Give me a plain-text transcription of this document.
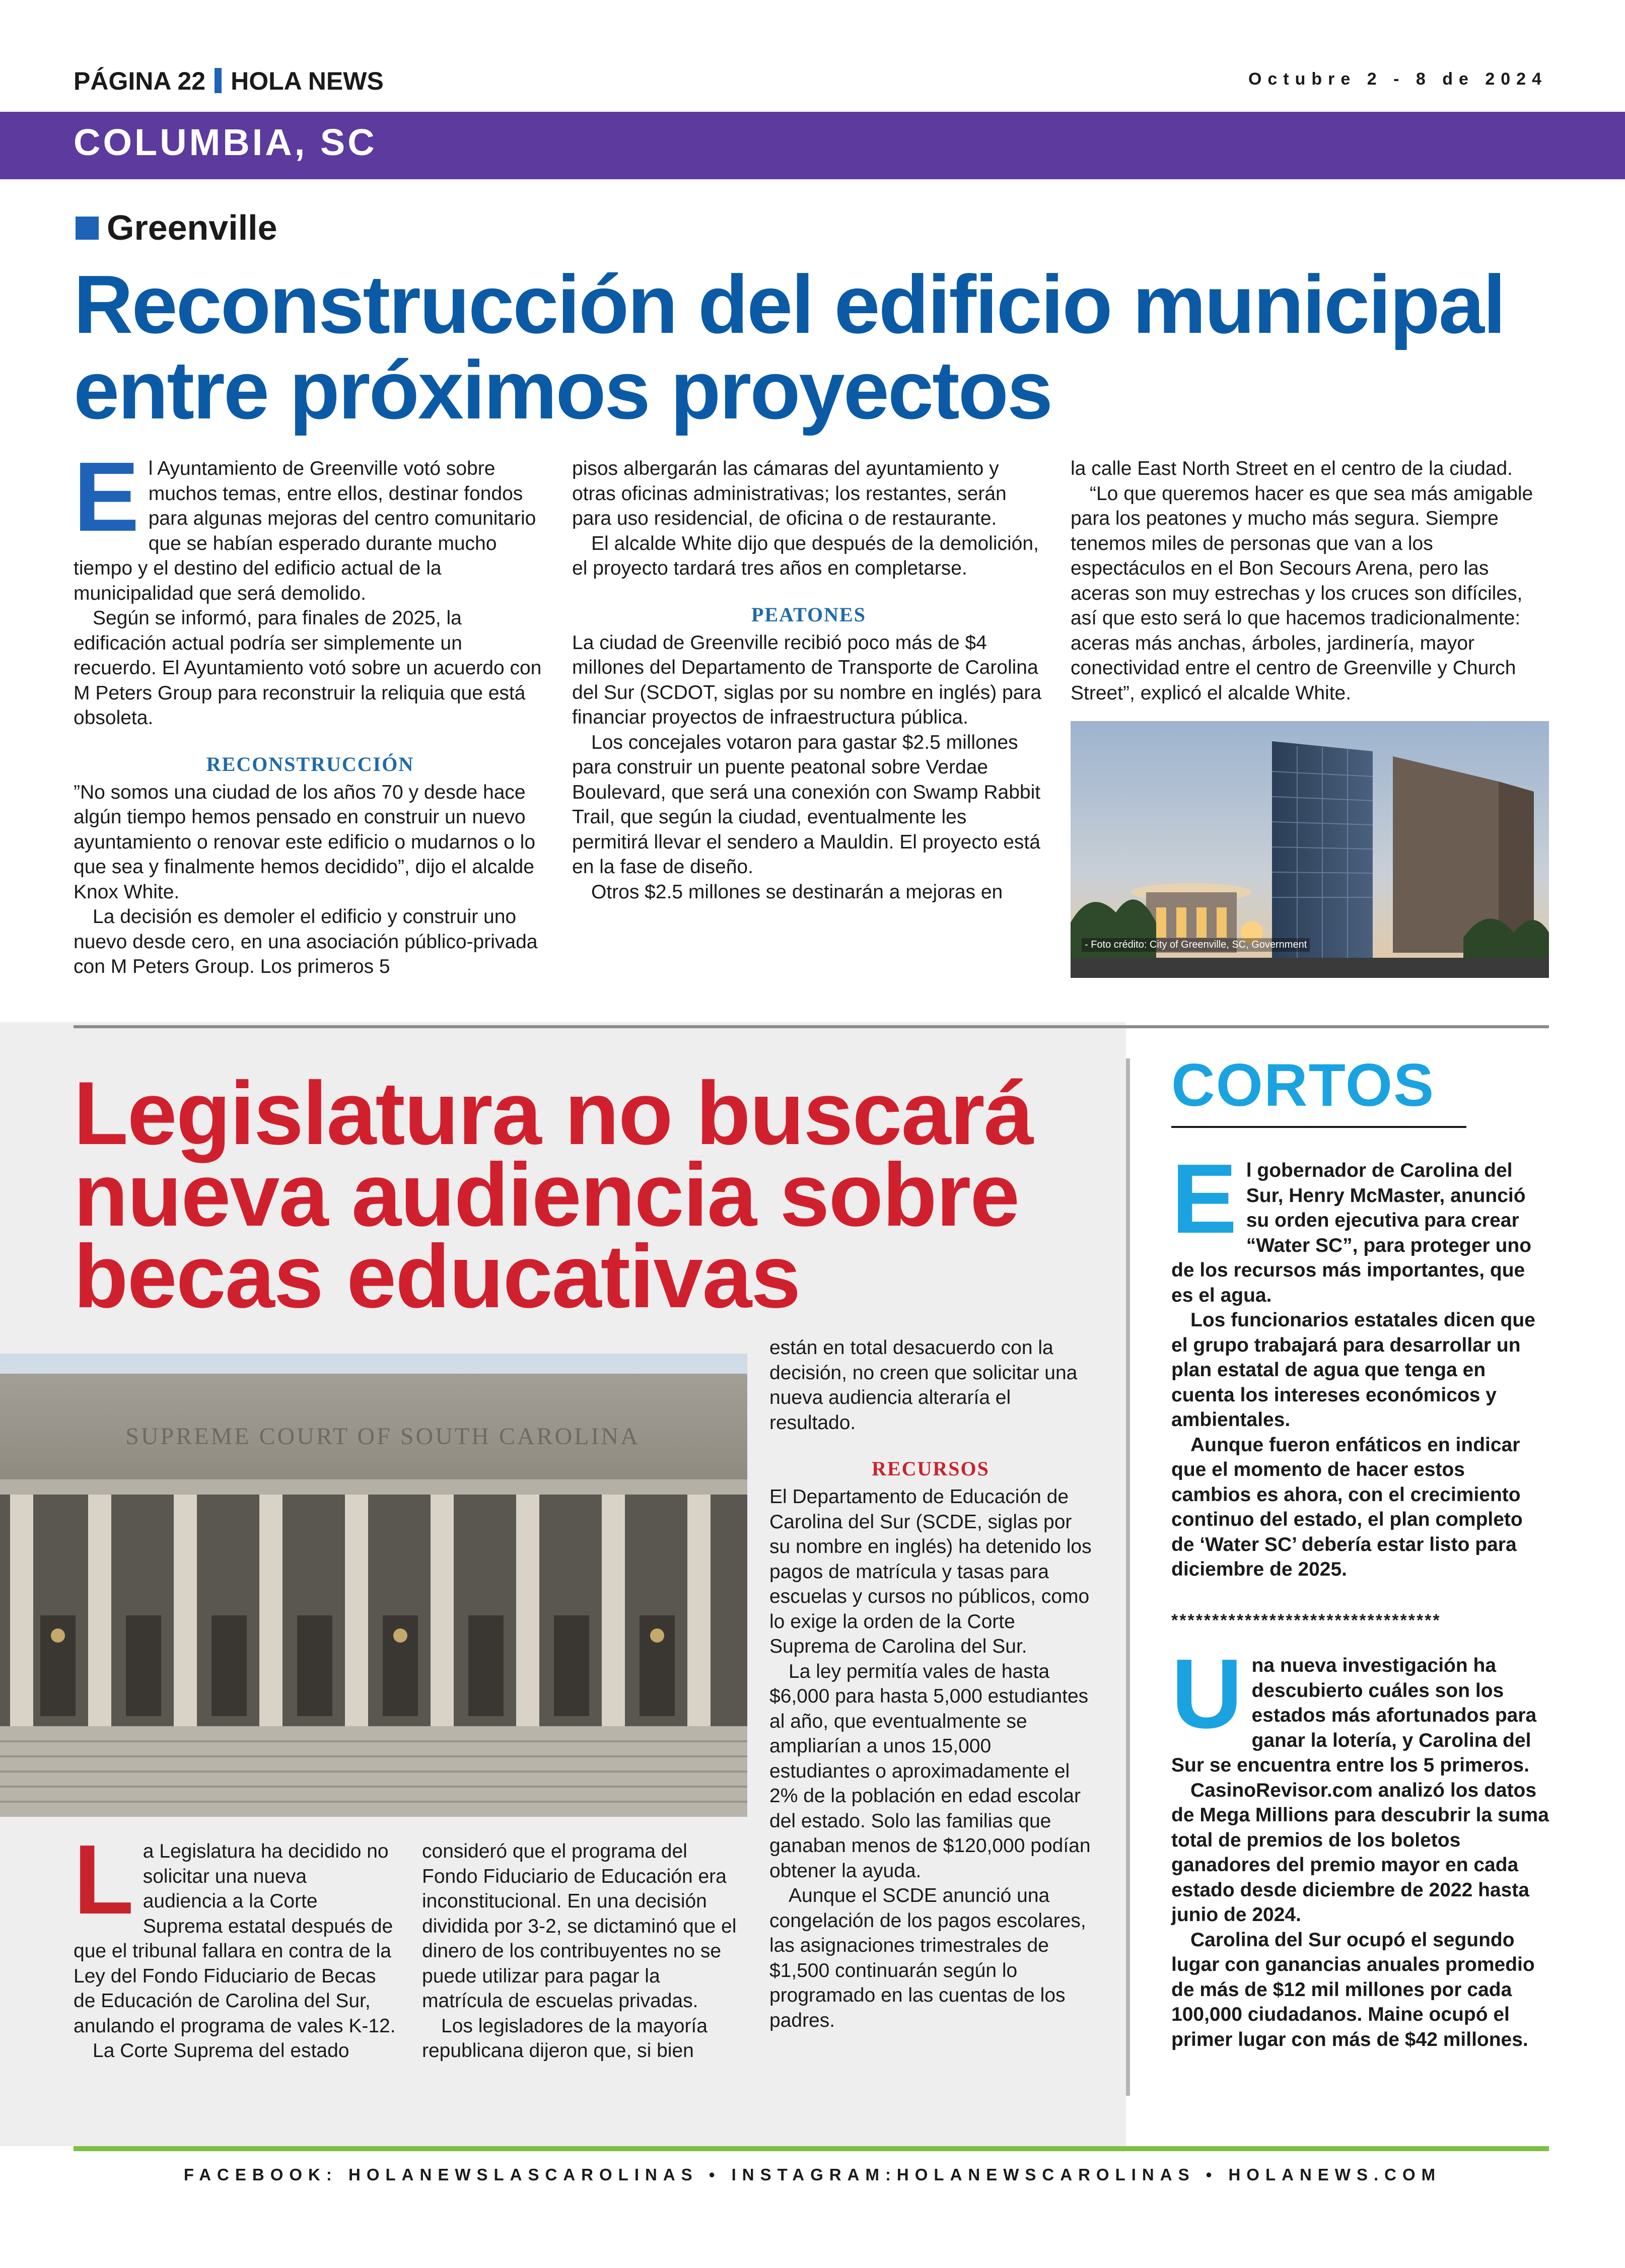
PÁGINA 22 HOLA NEWS	Octubre 2 - 8 de 2024
COLUMBIA, SC
Greenville
Reconstrucción del edificio municipal entre próximos proyectos

El Ayuntamiento de Greenville votó sobre muchos temas, entre ellos, destinar fondos para algunas mejoras del centro comunitario que se habían esperado durante mucho tiempo y el destino del edificio actual de la municipalidad que será demolido.

Según se informó, para finales de 2025, la edificación actual podría ser simplemente un recuerdo. El Ayuntamiento votó sobre un acuerdo con M Peters Group para reconstruir la reliquia que está obsoleta.

RECONSTRUCCIÓN

”No somos una ciudad de los años 70 y desde hace algún tiempo hemos pensado en construir un nuevo ayuntamiento o renovar este edificio o mudarnos o lo que sea y finalmente hemos decidido”, dijo el alcalde Knox White.

La decisión es demoler el edificio y construir uno nuevo desde cero, en una asociación público-privada con M Peters Group. Los primeros 5

pisos albergarán las cámaras del ayuntamiento y otras oficinas administrativas; los restantes, serán para uso residencial, de oficina o de restaurante.

El alcalde White dijo que después de la demolición, el proyecto tardará tres años en completarse.

PEATONES

La ciudad de Greenville recibió poco más de $4 millones del Departamento de Transporte de Carolina del Sur (SCDOT, siglas por su nombre en inglés) para financiar proyectos de infraestructura pública.

Los concejales votaron para gastar $2.5 millones para construir un puente peatonal sobre Verdae Boulevard, que será una conexión con Swamp Rabbit Trail, que según la ciudad, eventualmente les permitirá llevar el sendero a Mauldin. El proyecto está en la fase de diseño.

Otros $2.5 millones se destinarán a mejoras en

la calle East North Street en el centro de la ciudad.

“Lo que queremos hacer es que sea más amigable para los peatones y mucho más segura. Siempre tenemos miles de personas que van a los espectáculos en el Bon Secours Arena, pero las aceras son muy estrechas y los cruces son difíciles, así que esto será lo que hacemos tradicionalmente: aceras más anchas, árboles, jardinería, mayor conectividad entre el centro de Greenville y Church Street”, explicó el alcalde White.

- Foto crédito: City of Greenville, SC, Government
Legislatura no buscará nueva audiencia sobre becas educativas
SUPREME COURT OF SOUTH CAROLINA

La Legislatura ha decidido no solicitar una nueva audiencia a la Corte Suprema estatal después de que el tribunal fallara en contra de la Ley del Fondo Fiduciario de Becas de Educación de Carolina del Sur, anulando el programa de vales K-12.

La Corte Suprema del estado

consideró que el programa del Fondo Fiduciario de Educación era inconstitucional. En una decisión dividida por 3-2, se dictaminó que el dinero de los contribuyentes no se puede utilizar para pagar la matrícula de escuelas privadas.

Los legisladores de la mayoría republicana dijeron que, si bien

están en total desacuerdo con la decisión, no creen que solicitar una nueva audiencia alteraría el resultado.

RECURSOS

El Departamento de Educación de Carolina del Sur (SCDE, siglas por su nombre en inglés) ha detenido los pagos de matrícula y tasas para escuelas y cursos no públicos, como lo exige la orden de la Corte Suprema de Carolina del Sur.

La ley permitía vales de hasta $6,000 para hasta 5,000 estudiantes al año, que eventualmente se ampliarían a unos 15,000 estudiantes o aproximadamente el 2% de la población en edad escolar del estado. Solo las familias que ganaban menos de $120,000 podían obtener la ayuda.

Aunque el SCDE anunció una congelación de los pagos escolares, las asignaciones trimestrales de $1,500 continuarán según lo programado en las cuentas de los padres.

CORTOS

El gobernador de Carolina del Sur, Henry McMaster, anunció su orden ejecutiva para crear “Water SC”, para proteger uno de los recursos más importantes, que es el agua.

Los funcionarios estatales dicen que el grupo trabajará para desarrollar un plan estatal de agua que tenga en cuenta los intereses económicos y ambientales.

Aunque fueron enfáticos en indicar que el momento de hacer estos cambios es ahora, con el crecimiento continuo del estado, el plan completo de ‘Water SC’ debería estar listo para diciembre de 2025.

*********************************

Una nueva investigación ha descubierto cuáles son los estados más afortunados para ganar la lotería, y Carolina del Sur se encuentra entre los 5 primeros.

CasinoRevisor.com analizó los datos de Mega Millions para descubrir la suma total de premios de los boletos ganadores del premio mayor en cada estado desde diciembre de 2022 hasta junio de 2024.

Carolina del Sur ocupó el segundo lugar con ganancias anuales promedio de más de $12 mil millones por cada 100,000 ciudadanos. Maine ocupó el primer lugar con más de $42 millones.

FACEBOOK: HOLANEWSLASCAROLINAS • INSTAGRAM:HOLANEWSCAROLINAS • HOLANEWS.COM
